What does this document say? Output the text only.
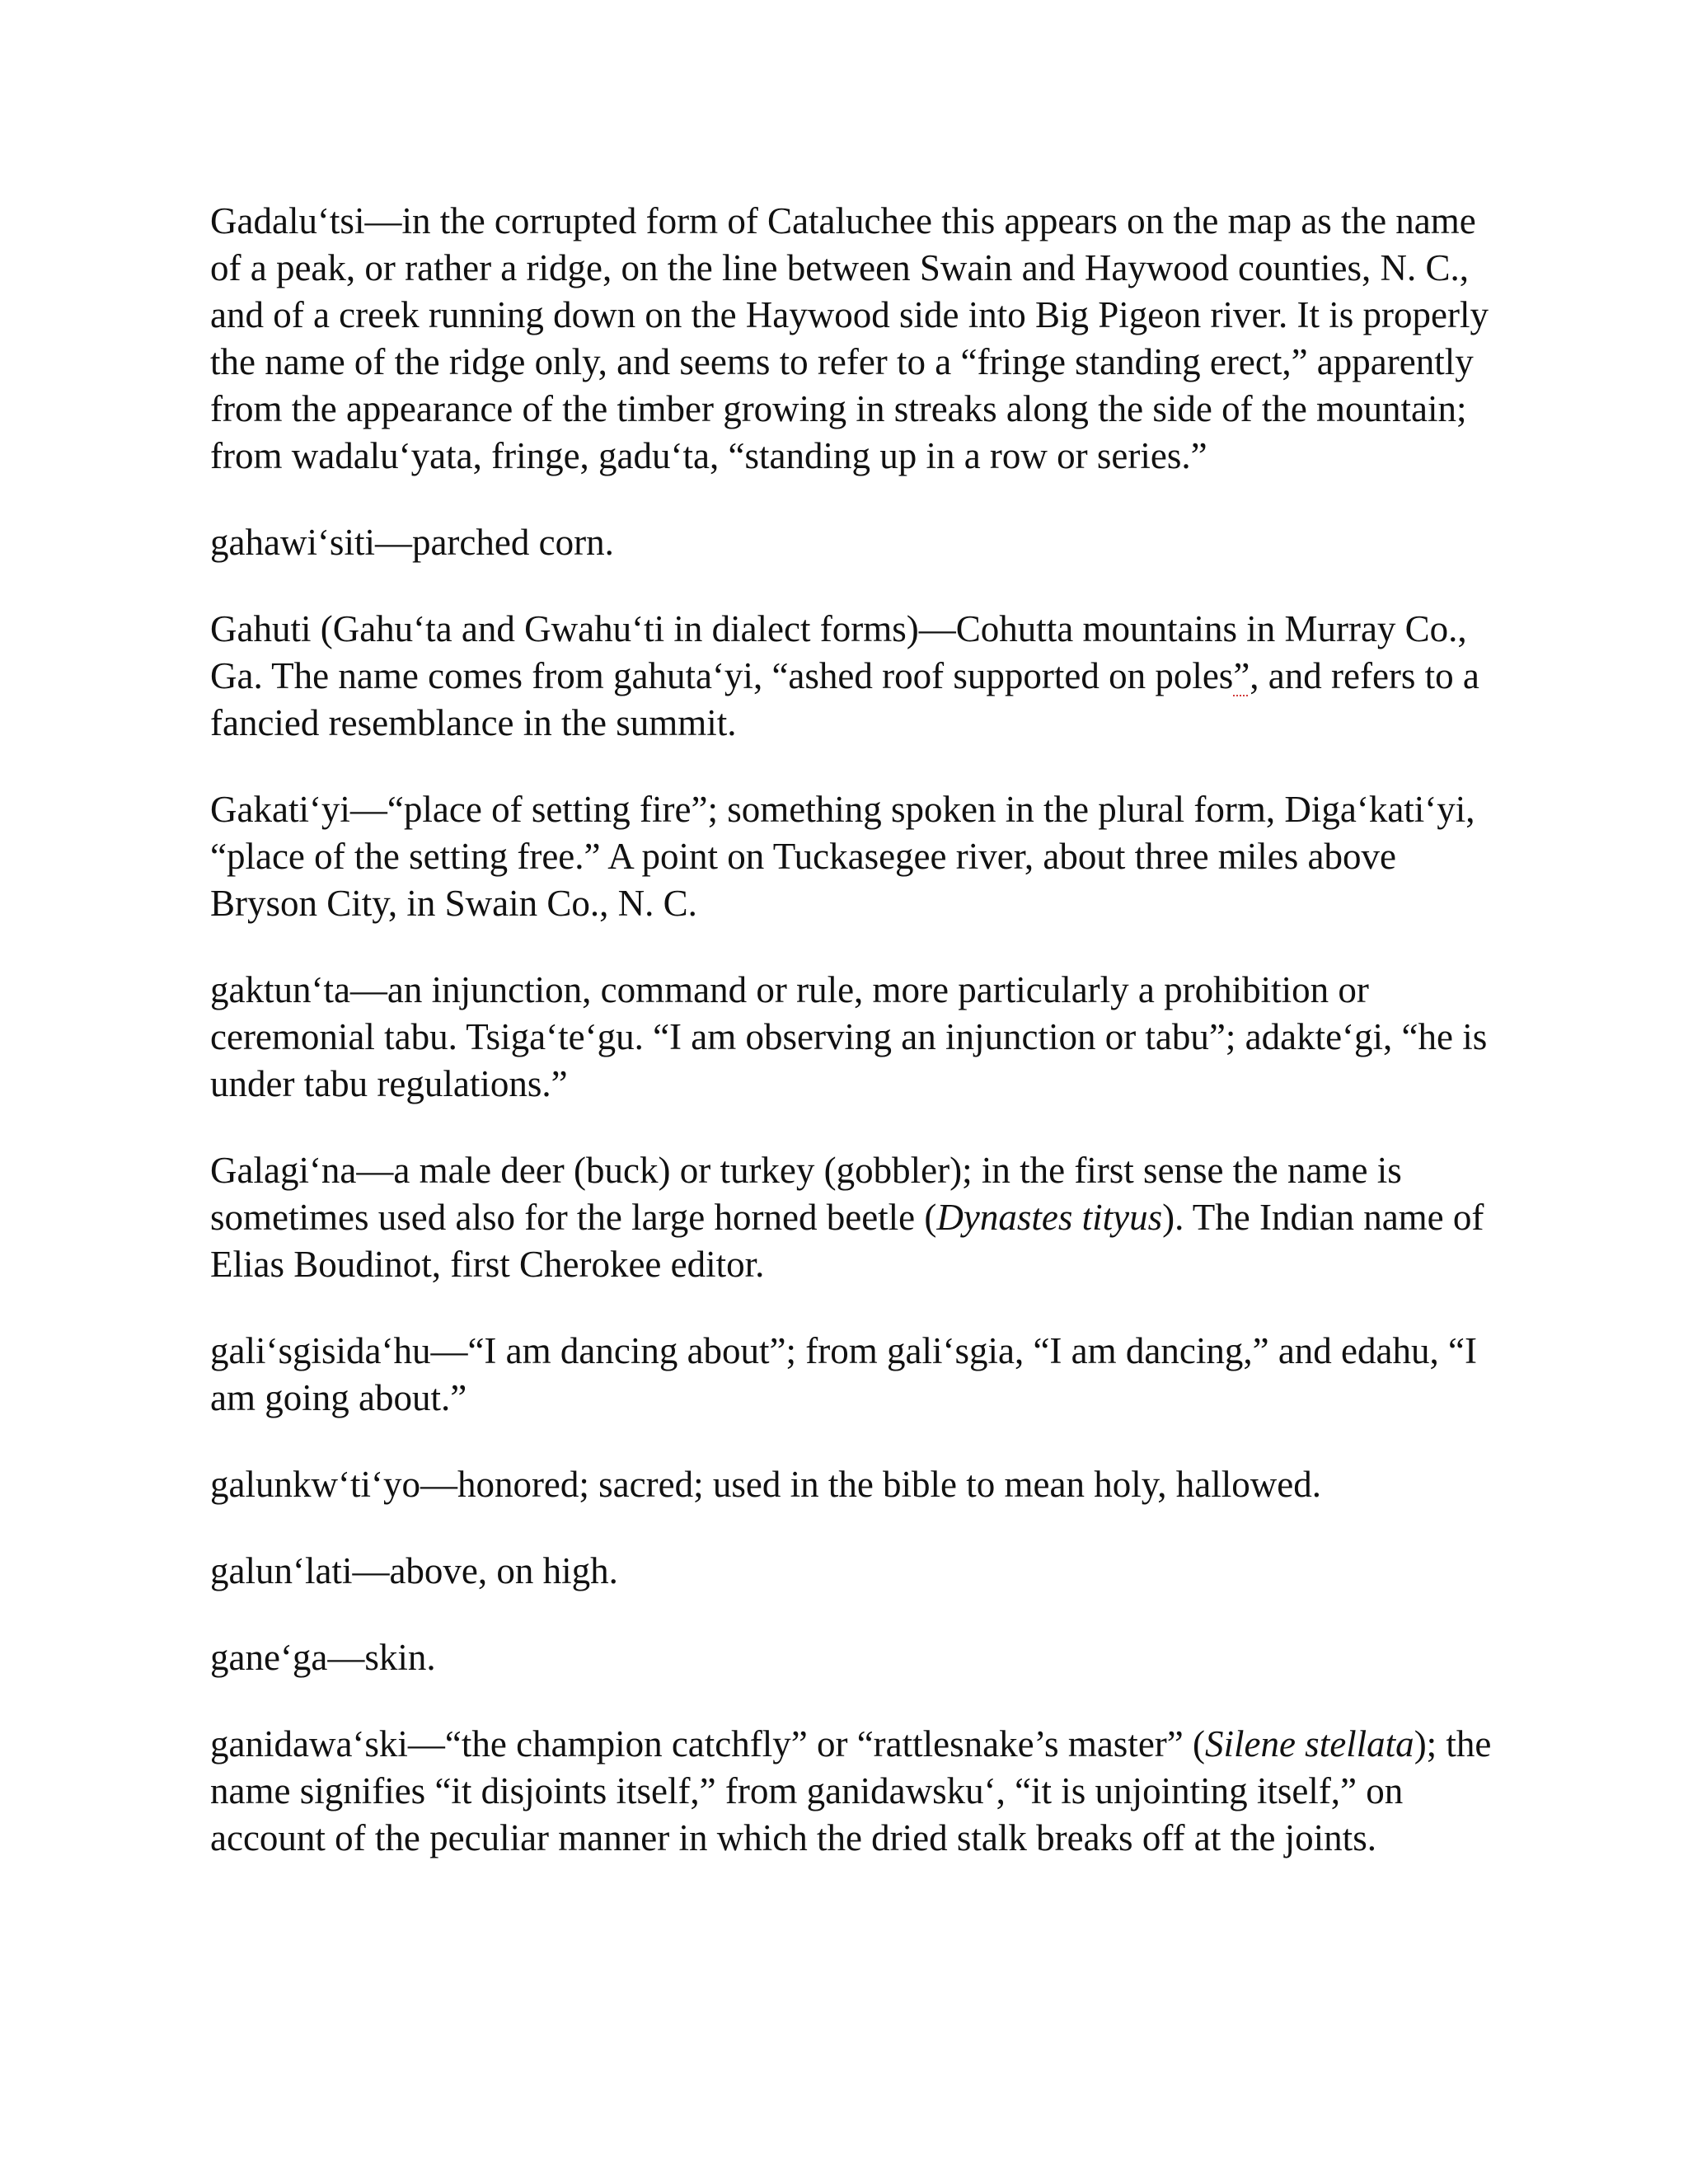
Gadalu‘tsi—in the corrupted form of Cataluchee this appears on the map as the name of a peak, or rather a ridge, on the line between Swain and Haywood counties, N. C., and of a creek running down on the Haywood side into Big Pigeon river. It is properly the name of the ridge only, and seems to refer to a “fringe standing erect,” apparently from the appearance of the timber growing in streaks along the side of the mountain; from wadalu‘yata, fringe, gadu‘ta, “standing up in a row or series.”

gahawi‘siti—parched corn.

Gahuti (Gahu‘ta and Gwahu‘ti in dialect forms)—Cohutta mountains in Murray Co., Ga. The name comes from gahuta‘yi, “ashed roof supported on poles”, and refers to a fancied resemblance in the summit.

Gakati‘yi—“place of setting fire”; something spoken in the plural form, Diga‘kati‘yi, “place of the setting free.” A point on Tuckasegee river, about three miles above Bryson City, in Swain Co., N. C.

gaktun‘ta—an injunction, command or rule, more particularly a prohibition or ceremonial tabu. Tsiga‘te‘gu. “I am observing an injunction or tabu”; adakte‘gi, “he is under tabu regulations.”

Galagi‘na—a male deer (buck) or turkey (gobbler); in the first sense the name is sometimes used also for the large horned beetle (Dynastes tityus). The Indian name of Elias Boudinot, first Cherokee editor.

gali‘sgisida‘hu—“I am dancing about”; from gali‘sgia, “I am dancing,” and edahu, “I am going about.”

galunkw‘ti‘yo—honored; sacred; used in the bible to mean holy, hallowed.

galun‘lati—above, on high.

gane‘ga—skin.

ganidawa‘ski—“the champion catchfly” or “rattlesnake’s master” (Silene stellata); the name signifies “it disjoints itself,” from ganidawsku‘, “it is unjointing itself,” on account of the peculiar manner in which the dried stalk breaks off at the joints.
